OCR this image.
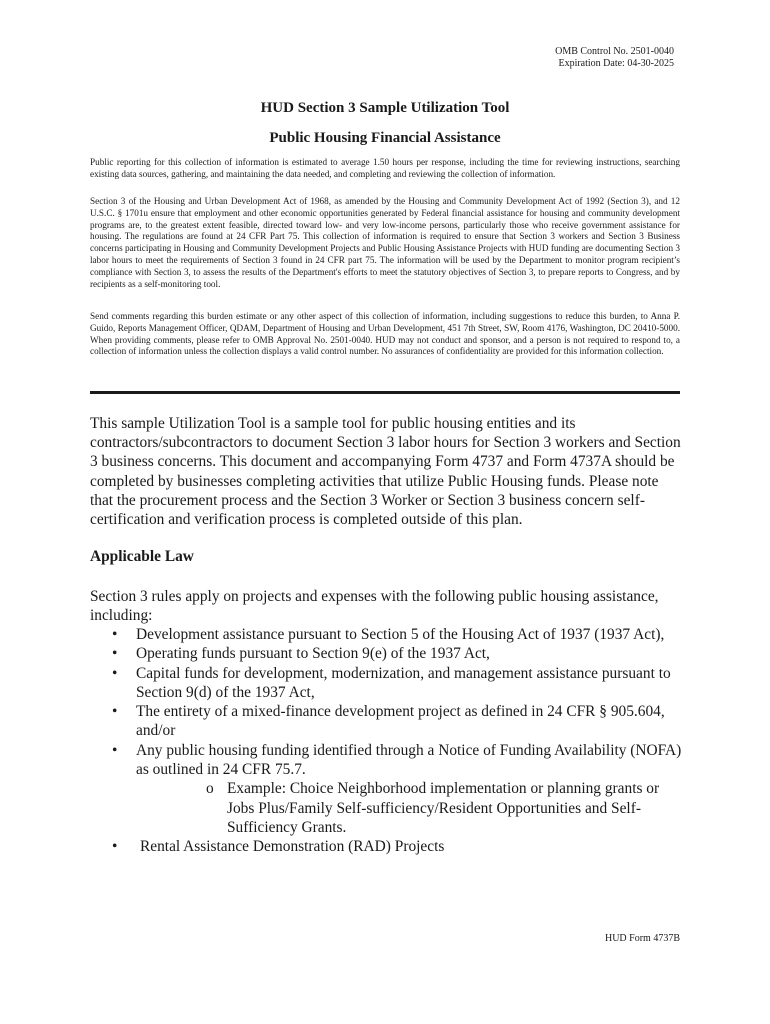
OMB Control No. 2501-0040
Expiration Date: 04-30-2025
HUD Section 3 Sample Utilization Tool
Public Housing Financial Assistance

Public reporting for this collection of information is estimated to average 1.50 hours per response, including the time for reviewing instructions, searching existing data sources, gathering, and maintaining the data needed, and completing and reviewing the collection of information.

Section 3 of the Housing and Urban Development Act of 1968, as amended by the Housing and Community Development Act of 1992 (Section 3), and 12 U.S.C. § 1701u ensure that employment and other economic opportunities generated by Federal financial assistance for housing and community development programs are, to the greatest extent feasible, directed toward low- and very low-income persons, particularly those who receive government assistance for housing. The regulations are found at 24 CFR Part 75. This collection of information is required to ensure that Section 3 workers and Section 3 Business concerns participating in Housing and Community Development Projects and Public Housing Assistance Projects with HUD funding are documenting Section 3 labor hours to meet the requirements of Section 3 found in 24 CFR part 75. The information will be used by the Department to monitor program recipient’s compliance with Section 3, to assess the results of the Department's efforts to meet the statutory objectives of Section 3, to prepare reports to Congress, and by recipients as a self-monitoring tool.

Send comments regarding this burden estimate or any other aspect of this collection of information, including suggestions to reduce this burden, to Anna P. Guido, Reports Management Officer, QDAM, Department of Housing and Urban Development, 451 7th Street, SW, Room 4176, Washington, DC 20410-5000. When providing comments, please refer to OMB Approval No. 2501-0040. HUD may not conduct and sponsor, and a person is not required to respond to, a collection of information unless the collection displays a valid control number. No assurances of confidentiality are provided for this information collection.

This sample Utilization Tool is a sample tool for public housing entities and its contractors/subcontractors to document Section 3 labor hours for Section 3 workers and Section 3 business concerns. This document and accompanying Form 4737 and Form 4737A should be completed by businesses completing activities that utilize Public Housing funds. Please note that the procurement process and the Section 3 Worker or Section 3 business concern self-certification and verification process is completed outside of this plan.

Applicable Law

Section 3 rules apply on projects and expenses with the following public housing assistance, including:

• Development assistance pursuant to Section 5 of the Housing Act of 1937 (1937 Act),
• Operating funds pursuant to Section 9(e) of the 1937 Act,
• Capital funds for development, modernization, and management assistance pursuant to Section 9(d) of the 1937 Act,
• The entirety of a mixed-finance development project as defined in 24 CFR § 905.604, and/or
• Any public housing funding identified through a Notice of Funding Availability (NOFA) as outlined in 24 CFR 75.7.
o Example: Choice Neighborhood implementation or planning grants or Jobs Plus/Family Self-sufficiency/Resident Opportunities and Self-Sufficiency Grants.
• Rental Assistance Demonstration (RAD) Projects
HUD Form 4737B
